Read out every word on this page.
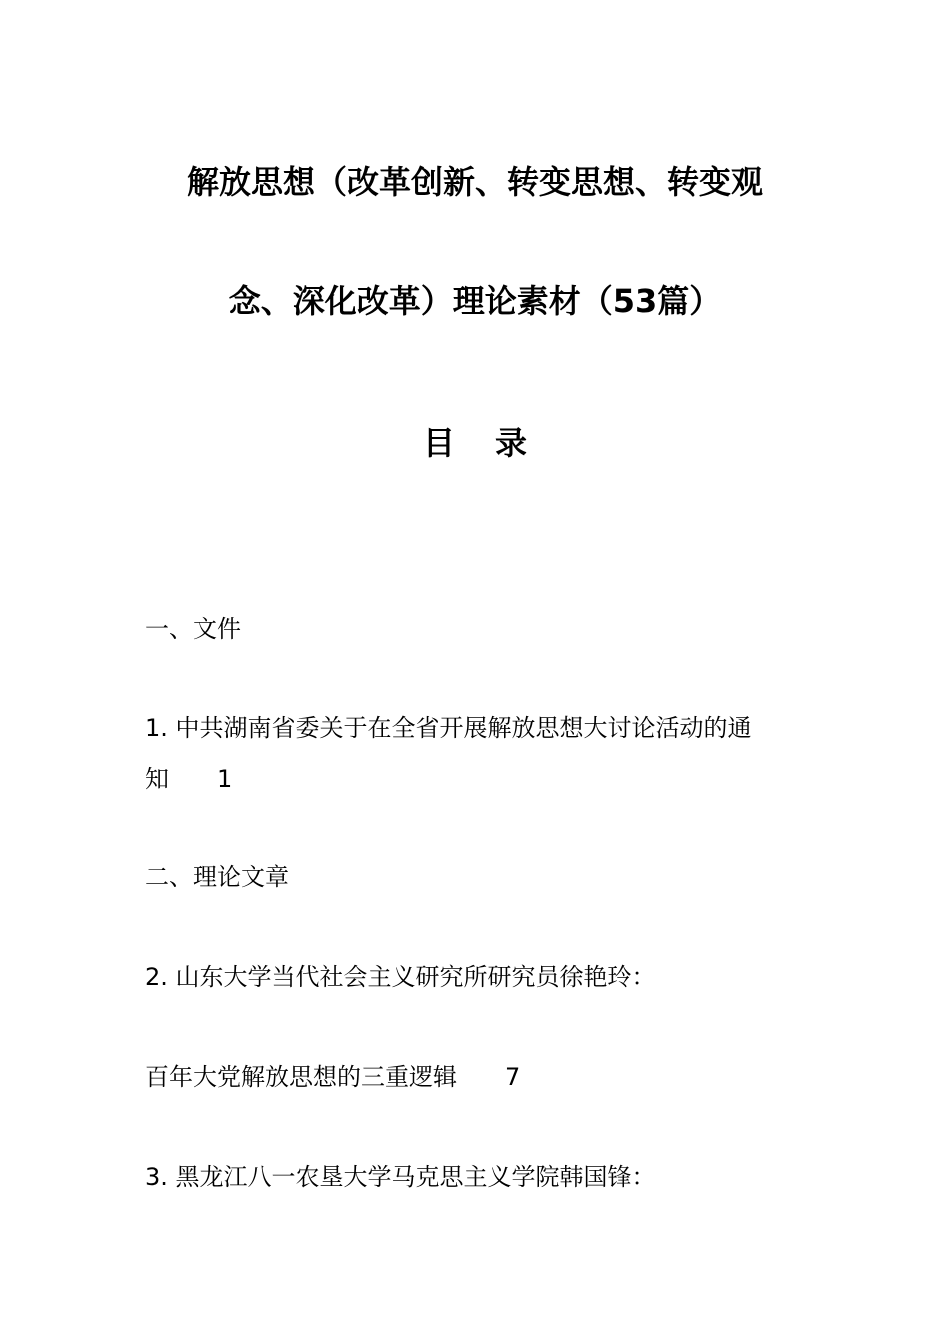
解放思想（改革创新、转变思想、转变观
念、深化改革）理论素材（53篇）
目 录
一、文件
1. 中共湖南省委关于在全省开展解放思想大讨论活动的通
知 1
二、理论文章
2. 山东大学当代社会主义研究所研究员徐艳玲：
百年大党解放思想的三重逻辑 7
3. 黑龙江八一农垦大学马克思主义学院韩国锋：
